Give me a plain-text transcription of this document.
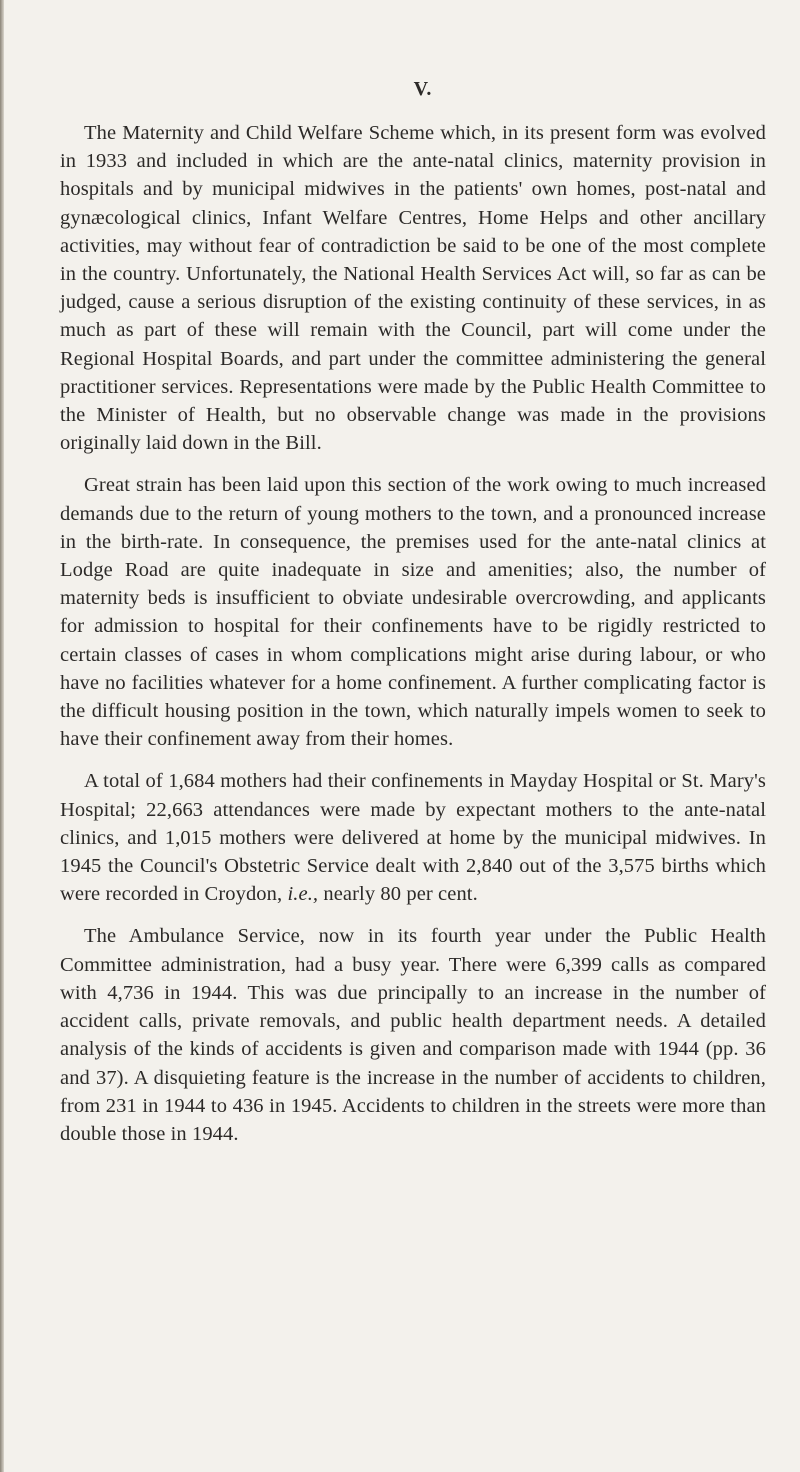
V.

The Maternity and Child Welfare Scheme which, in its present form was evolved in 1933 and included in which are the ante-natal clinics, maternity provision in hospitals and by municipal midwives in the patients' own homes, post-natal and gynæcological clinics, Infant Welfare Centres, Home Helps and other ancillary activities, may without fear of contradiction be said to be one of the most complete in the country. Unfortunately, the National Health Services Act will, so far as can be judged, cause a serious disruption of the existing continuity of these services, in as much as part of these will remain with the Council, part will come under the Regional Hospital Boards, and part under the committee administering the general practitioner services. Representations were made by the Public Health Committee to the Minister of Health, but no observable change was made in the provisions originally laid down in the Bill.

Great strain has been laid upon this section of the work owing to much increased demands due to the return of young mothers to the town, and a pronounced increase in the birth-rate. In consequence, the premises used for the ante-natal clinics at Lodge Road are quite inadequate in size and amenities; also, the number of maternity beds is insufficient to obviate undesirable overcrowding, and applicants for admission to hospital for their confinements have to be rigidly restricted to certain classes of cases in whom complications might arise during labour, or who have no facilities whatever for a home confinement. A further complicating factor is the difficult housing position in the town, which naturally impels women to seek to have their confinement away from their homes.

A total of 1,684 mothers had their confinements in Mayday Hospital or St. Mary's Hospital; 22,663 attendances were made by expectant mothers to the ante-natal clinics, and 1,015 mothers were delivered at home by the municipal midwives. In 1945 the Council's Obstetric Service dealt with 2,840 out of the 3,575 births which were recorded in Croydon, i.e., nearly 80 per cent.

The Ambulance Service, now in its fourth year under the Public Health Committee administration, had a busy year. There were 6,399 calls as compared with 4,736 in 1944. This was due principally to an increase in the number of accident calls, private removals, and public health department needs. A detailed analysis of the kinds of accidents is given and comparison made with 1944 (pp. 36 and 37). A disquieting feature is the increase in the number of accidents to children, from 231 in 1944 to 436 in 1945. Accidents to children in the streets were more than double those in 1944.
